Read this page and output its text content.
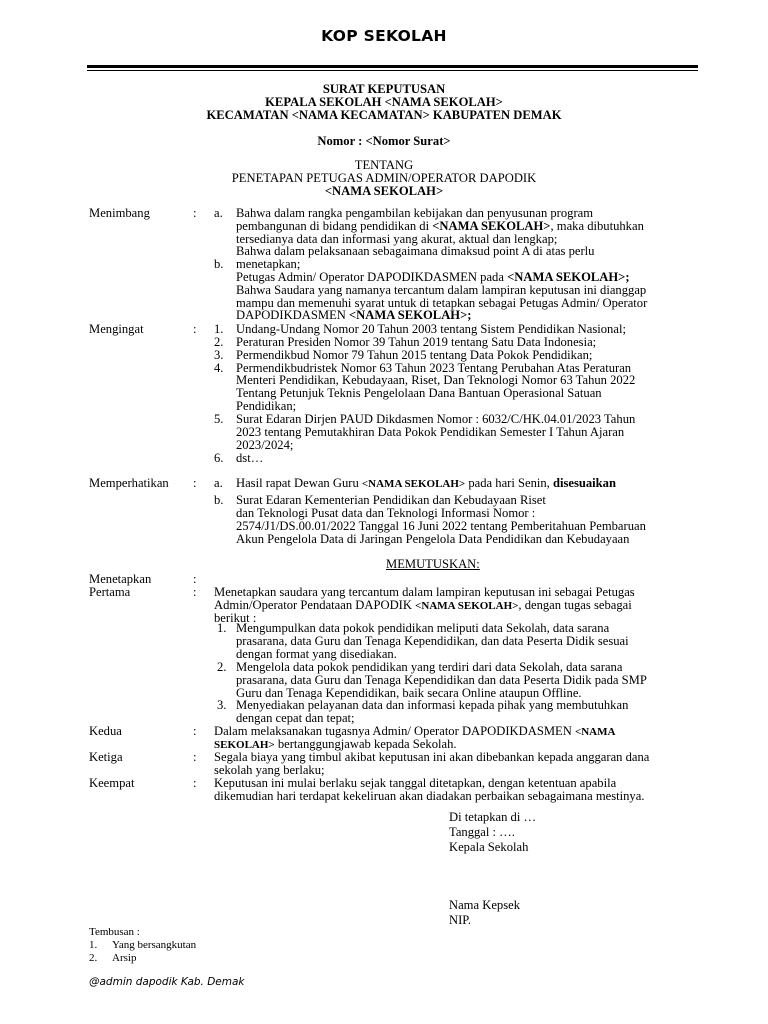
KOP SEKOLAH
SURAT KEPUTUSAN
KEPALA SEKOLAH <NAMA SEKOLAH>
KECAMATAN <NAMA KECAMATAN> KABUPATEN DEMAK
Nomor : <Nomor Surat>
TENTANG
PENETAPAN PETUGAS ADMIN/OPERATOR DAPODIK
<NAMA SEKOLAH>
Menimbang	: a. Bahwa dalam rangka pengambilan kebijakan dan penyusunan program
pembangunan di bidang pendidikan di <NAMA SEKOLAH>, maka dibutuhkan
tersedianya data dan informasi yang akurat, aktual dan lengkap;
Bahwa dalam pelaksanaan sebagaimana dimaksud point A di atas perlu
b. menetapkan;
Petugas Admin/ Operator DAPODIKDASMEN pada <NAMA SEKOLAH>;
Bahwa Saudara yang namanya tercantum dalam lampiran keputusan ini dianggap
mampu dan memenuhi syarat untuk di tetapkan sebagai Petugas Admin/ Operator
DAPODIKDASMEN <NAMA SEKOLAH>;
Mengingat	: 1. Undang-Undang Nomor 20 Tahun 2003 tentang Sistem Pendidikan Nasional;
2. Peraturan Presiden Nomor 39 Tahun 2019 tentang Satu Data Indonesia;
3. Permendikbud Nomor 79 Tahun 2015 tentang Data Pokok Pendidikan;
4. Permendikbudristek Nomor 63 Tahun 2023 Tentang Perubahan Atas Peraturan
Menteri Pendidikan, Kebudayaan, Riset, Dan Teknologi Nomor 63 Tahun 2022
Tentang Petunjuk Teknis Pengelolaan Dana Bantuan Operasional Satuan
Pendidikan;
5. Surat Edaran Dirjen PAUD Dikdasmen Nomor : 6032/C/HK.04.01/2023 Tahun
2023 tentang Pemutakhiran Data Pokok Pendidikan Semester I Tahun Ajaran
2023/2024;
6. dst…
Memperhatikan : a. Hasil rapat Dewan Guru <NAMA SEKOLAH> pada hari Senin, disesuaikan
b. Surat Edaran Kementerian Pendidikan dan Kebudayaan Riset
dan Teknologi Pusat data dan Teknologi Informasi Nomor :
2574/J1/DS.00.01/2022 Tanggal 16 Juni 2022 tentang Pemberitahuan Pembaruan
Akun Pengelola Data di Jaringan Pengelola Data Pendidikan dan Kebudayaan
MEMUTUSKAN:
Menetapkan	:
Pertama	: Menetapkan saudara yang tercantum dalam lampiran keputusan ini sebagai Petugas
Admin/Operator Pendataan DAPODIK <NAMA SEKOLAH>, dengan tugas sebagai
berikut :
1. Mengumpulkan data pokok pendidikan meliputi data Sekolah, data sarana
prasarana, data Guru dan Tenaga Kependidikan, dan data Peserta Didik sesuai
dengan format yang disediakan.
2. Mengelola data pokok pendidikan yang terdiri dari data Sekolah, data sarana
prasarana, data Guru dan Tenaga Kependidikan dan data Peserta Didik pada SMP
Guru dan Tenaga Kependidikan, baik secara Online ataupun Offline.
3. Menyediakan pelayanan data dan informasi kepada pihak yang membutuhkan
dengan cepat dan tepat;
Kedua	: Dalam melaksanakan tugasnya Admin/ Operator DAPODIKDASMEN <NAMA
SEKOLAH> bertanggungjawab kepada Sekolah.
Ketiga	: Segala biaya yang timbul akibat keputusan ini akan dibebankan kepada anggaran dana
sekolah yang berlaku;
Keempat	: Keputusan ini mulai berlaku sejak tanggal ditetapkan, dengan ketentuan apabila
dikemudian hari terdapat kekeliruan akan diadakan perbaikan sebagaimana mestinya.
Di tetapkan di …
Tanggal : ….
Kepala Sekolah
Nama Kepsek
NIP.
Tembusan :
1. Yang bersangkutan
2. Arsip
@admin dapodik Kab. Demak
